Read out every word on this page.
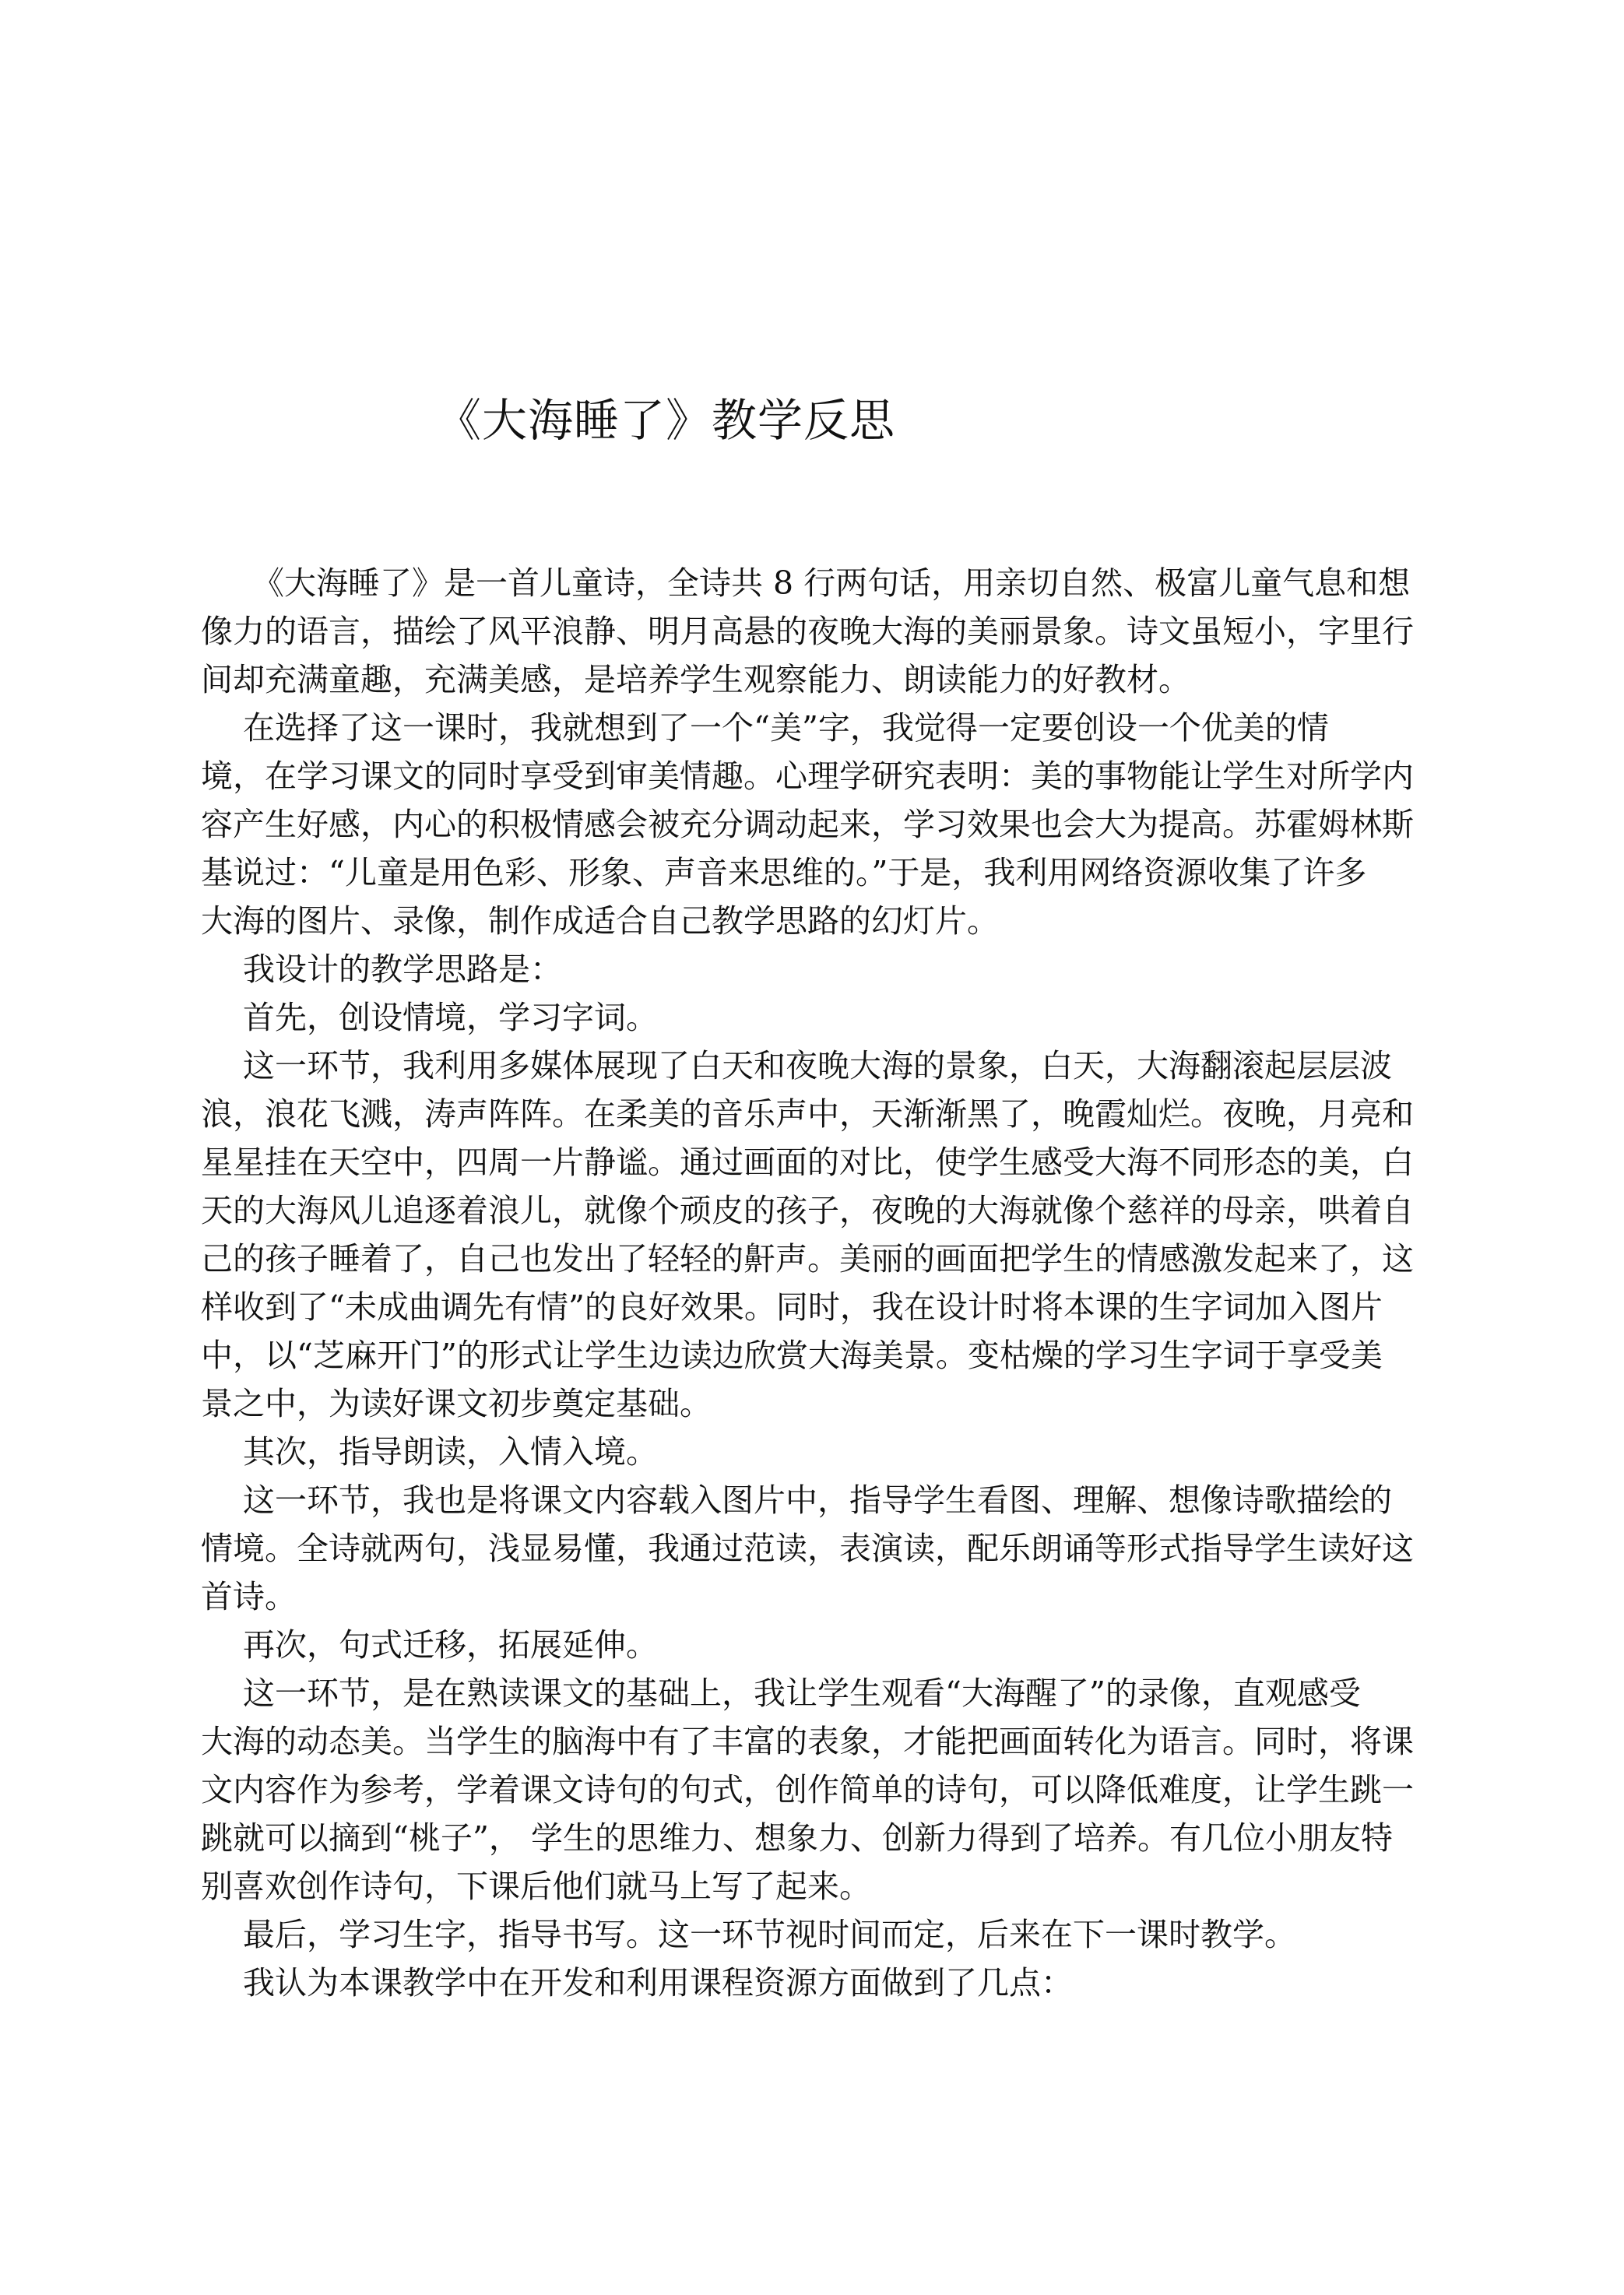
《大海睡了》教学反思
《大海睡了》是一首儿童诗，全诗共 8 行两句话，用亲切自然、极富儿童气息和想
像力的语言，描绘了风平浪静、明月高悬的夜晚大海的美丽景象。诗文虽短小，字里行
间却充满童趣，充满美感，是培养学生观察能力、朗读能力的好教材。
在选择了这一课时，我就想到了一个“美”字，我觉得一定要创设一个优美的情
境，在学习课文的同时享受到审美情趣。心理学研究表明：美的事物能让学生对所学内
容产生好感，内心的积极情感会被充分调动起来，学习效果也会大为提高。苏霍姆林斯
基说过：“儿童是用色彩、形象、声音来思维的。”于是，我利用网络资源收集了许多
大海的图片、录像，制作成适合自己教学思路的幻灯片。
我设计的教学思路是：
首先，创设情境，学习字词。
这一环节，我利用多媒体展现了白天和夜晚大海的景象，白天，大海翻滚起层层波
浪，浪花飞溅，涛声阵阵。在柔美的音乐声中，天渐渐黑了，晚霞灿烂。夜晚，月亮和
星星挂在天空中，四周一片静谧。通过画面的对比，使学生感受大海不同形态的美，白
天的大海风儿追逐着浪儿，就像个顽皮的孩子，夜晚的大海就像个慈祥的母亲，哄着自
己的孩子睡着了，自己也发出了轻轻的鼾声。美丽的画面把学生的情感激发起来了，这
样收到了“未成曲调先有情”的良好效果。同时，我在设计时将本课的生字词加入图片
中，以“芝麻开门”的形式让学生边读边欣赏大海美景。变枯燥的学习生字词于享受美
景之中，为读好课文初步奠定基础。
其次，指导朗读，入情入境。
这一环节，我也是将课文内容载入图片中，指导学生看图、理解、想像诗歌描绘的
情境。全诗就两句，浅显易懂，我通过范读，表演读，配乐朗诵等形式指导学生读好这
首诗。
再次，句式迁移，拓展延伸。
这一环节，是在熟读课文的基础上，我让学生观看“大海醒了”的录像，直观感受
大海的动态美。当学生的脑海中有了丰富的表象，才能把画面转化为语言。同时，将课
文内容作为参考，学着课文诗句的句式，创作简单的诗句，可以降低难度，让学生跳一
跳就可以摘到“桃子”， 学生的思维力、想象力、创新力得到了培养。有几位小朋友特
别喜欢创作诗句，下课后他们就马上写了起来。
最后，学习生字，指导书写。这一环节视时间而定，后来在下一课时教学。
我认为本课教学中在开发和利用课程资源方面做到了几点：
